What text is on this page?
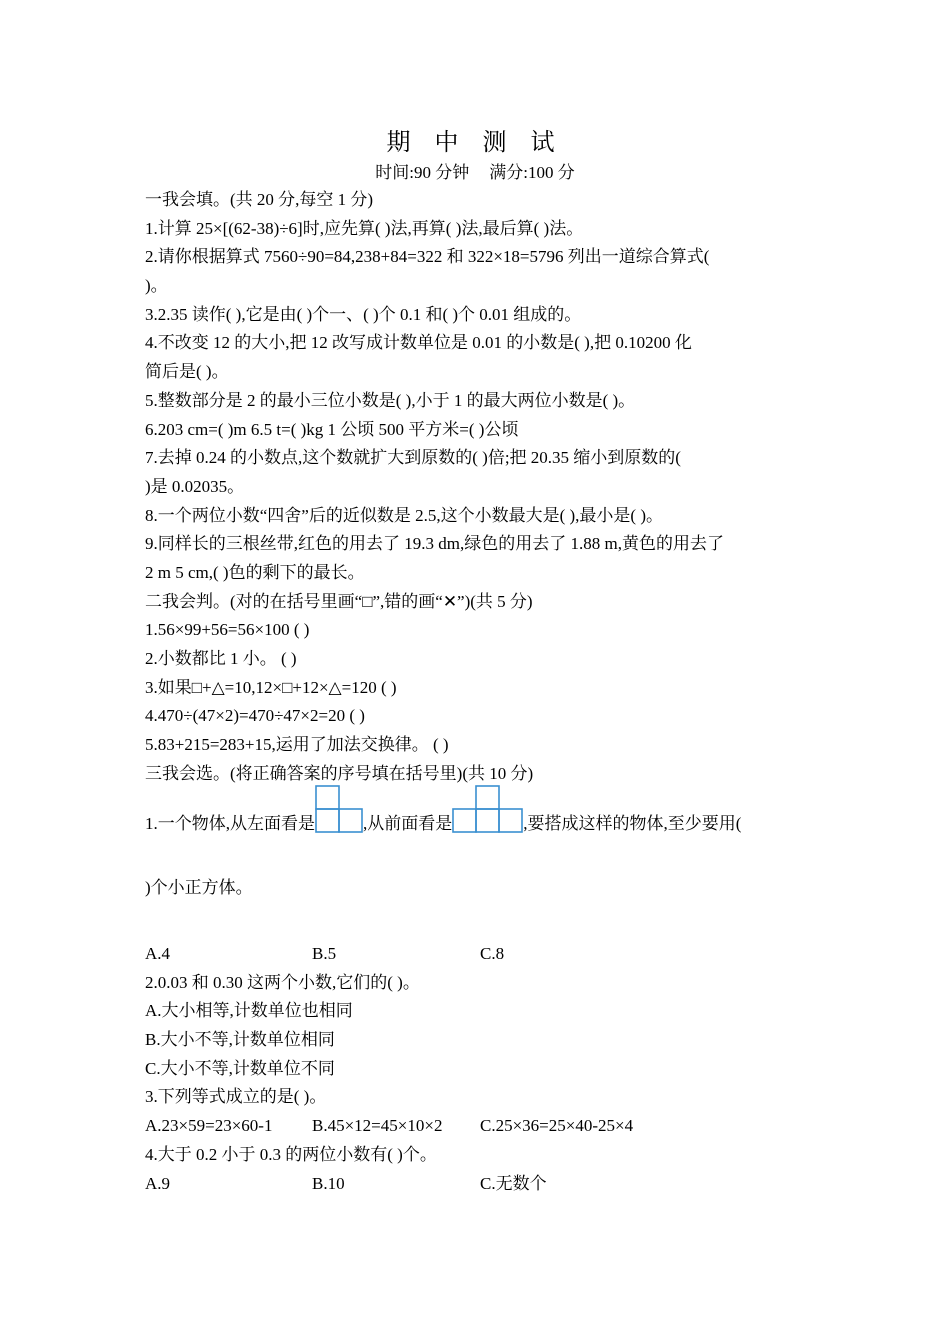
期 中 测 试
时间:90 分钟 满分:100 分
一我会填。(共 20 分,每空 1 分)
1.计算 25×[(62-38)÷6]时,应先算( )法,再算( )法,最后算( )法。
2.请你根据算式 7560÷90=84,238+84=322 和 322×18=5796 列出一道综合算式(
)。
3.2.35 读作( ),它是由( )个一、( )个 0.1 和( )个 0.01 组成的。
4.不改变 12 的大小,把 12 改写成计数单位是 0.01 的小数是( ),把 0.10200 化
简后是( )。
5.整数部分是 2 的最小三位小数是( ),小于 1 的最大两位小数是( )。
6.203 cm=( )m 6.5 t=( )kg 1 公顷 500 平方米=( )公顷
7.去掉 0.24 的小数点,这个数就扩大到原数的( )倍;把 20.35 缩小到原数的(
)是 0.02035。
8.一个两位小数“四舍”后的近似数是 2.5,这个小数最大是( ),最小是( )。
9.同样长的三根丝带,红色的用去了 19.3 dm,绿色的用去了 1.88 m,黄色的用去了
2 m 5 cm,( )色的剩下的最长。
二我会判。(对的在括号里画“□”,错的画“✕”)(共 5 分)
1.56×99+56=56×100 ( )
2.小数都比 1 小。 ( )
3.如果□+△=10,12×□+12×△=120 ( )
4.470÷(47×2)=470÷47×2=20 ( )
5.83+215=283+15,运用了加法交换律。 ( )
三我会选。(将正确答案的序号填在括号里)(共 10 分)
1.一个物体,从左面看是	,从前面看是	,要搭成这样的物体,至少要用(
)个小正方体。
A.4	B.5	C.8
2.0.03 和 0.30 这两个小数,它们的( )。
A.大小相等,计数单位也相同
B.大小不等,计数单位相同
C.大小不等,计数单位不同
3.下列等式成立的是( )。
A.23×59=23×60-1	B.45×12=45×10×2	C.25×36=25×40-25×4
4.大于 0.2 小于 0.3 的两位小数有( )个。
A.9	B.10	C.无数个
